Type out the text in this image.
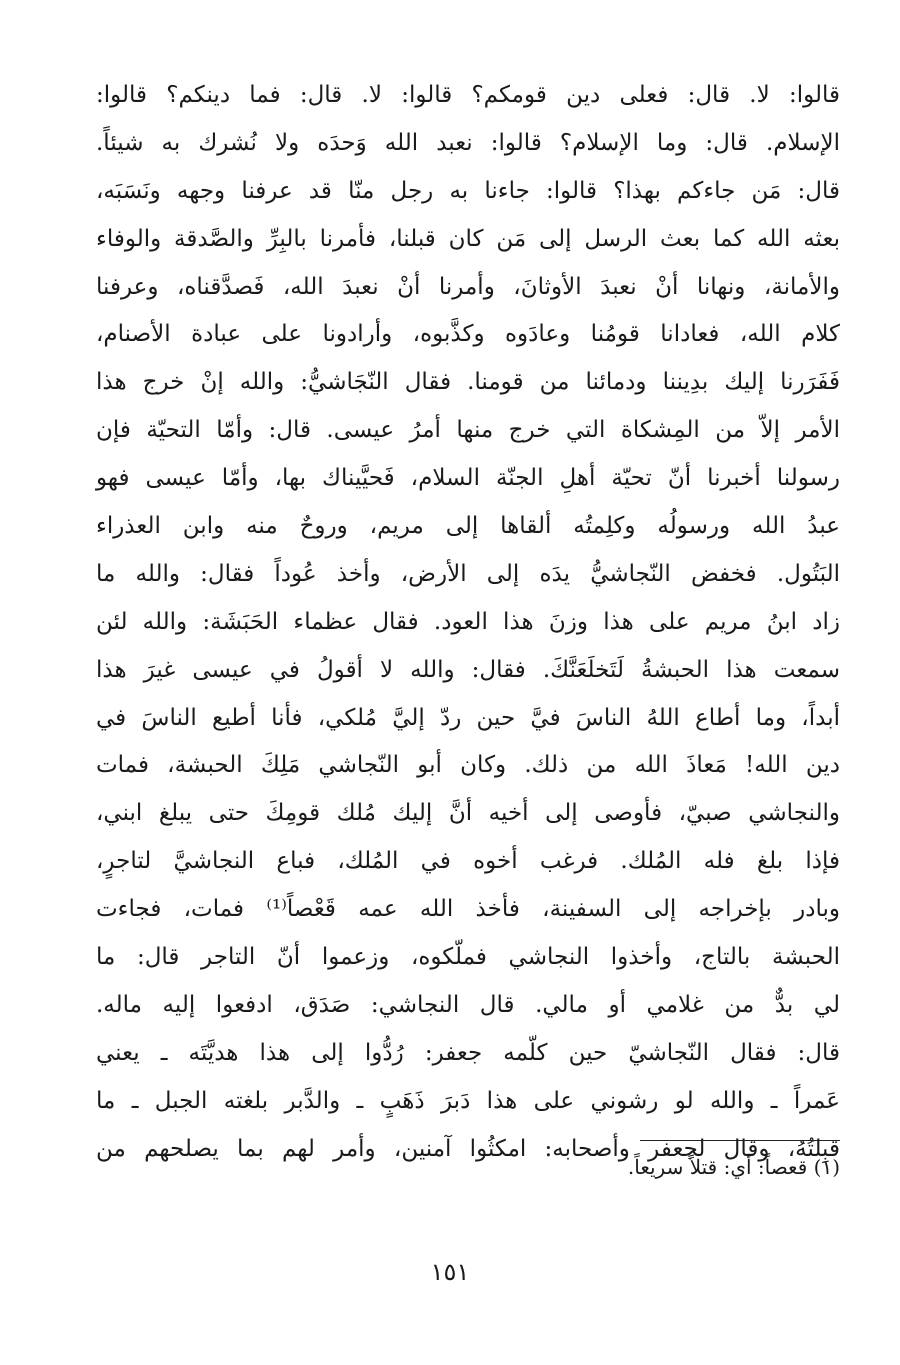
قالوا: لا. قال: فعلى دين قومكم؟ قالوا: لا. قال: فما دينكم؟ قالوا:
الإسلام. قال: وما الإسلام؟ قالوا: نعبد الله وَحدَه ولا نُشرك به شيئاً.
قال: مَن جاءكم بهذا؟ قالوا: جاءنا به رجل منّا قد عرفنا وجهه ونَسَبَه،
بعثه الله كما بعث الرسل إلى مَن كان قبلنا، فأمرنا بالبِرِّ والصَّدقة والوفاء
والأمانة، ونهانا أنْ نعبدَ الأوثانَ، وأمرنا أنْ نعبدَ الله، فَصدَّقناه، وعرفنا
كلام الله، فعادانا قومُنا وعادَوه وكذَّبوه، وأرادونا على عبادة الأصنام،
فَفَرَرنا إليك بدِيننا ودمائنا من قومنا. فقال النّجَاشيُّ: والله إنْ خرج هذا
الأمر إلاّ من المِشكاة التي خرج منها أمرُ عيسى. قال: وأمّا التحيّة فإن
رسولنا أخبرنا أنّ تحيّة أهلِ الجنّة السلام، فَحيَّيناك بها، وأمّا عيسى فهو
عبدُ الله ورسولُه وكلِمتُه ألقاها إلى مريم، وروحٌ منه وابن العذراء
البَتُول. فخفض النّجاشيُّ يدَه إلى الأرض، وأخذ عُوداً فقال: والله ما
زاد ابنُ مريم على هذا وزنَ هذا العود. فقال عظماء الحَبَشَة: والله لئن
سمعت هذا الحبشةُ لَتَخلَعَنَّكَ. فقال: والله لا أقولُ في عيسى غيرَ هذا
أبداً، وما أطاع اللهُ الناسَ فيَّ حين ردّ إليَّ مُلكي، فأنا أطيع الناسَ في
دين الله! مَعاذَ الله من ذلك. وكان أبو النّجاشي مَلِكَ الحبشة، فمات
والنجاشي صبيّ، فأوصى إلى أخيه أنَّ إليك مُلك قومِكَ حتى يبلغ ابني،
فإذا بلغ فله المُلك. فرغب أخوه في المُلك، فباع النجاشيَّ لتاجرٍ،
وبادر بإخراجه إلى السفينة، فأخذ الله عمه قَعْصاً⁽¹⁾ فمات، فجاءت
الحبشة بالتاج، وأخذوا النجاشي فملّكوه، وزعموا أنّ التاجر قال: ما
لي بدٌّ من غلامي أو مالي. قال النجاشي: صَدَق، ادفعوا إليه ماله.
قال: فقال النّجاشيّ حين كلّمه جعفر: رُدُّوا إلى هذا هديَّتَه ـ يعني
عَمراً ـ والله لو رشوني على هذا دَبرَ ذَهَبٍ ـ والدَّبر بلغته الجبل ـ ما
قبِلتُهُ، وقال لجعفر وأصحابه: امكثُوا آمنين، وأمر لهم بما يصلحهم من
(١) قعصاً: أي: قتلاً سريعاً.
١٥١
